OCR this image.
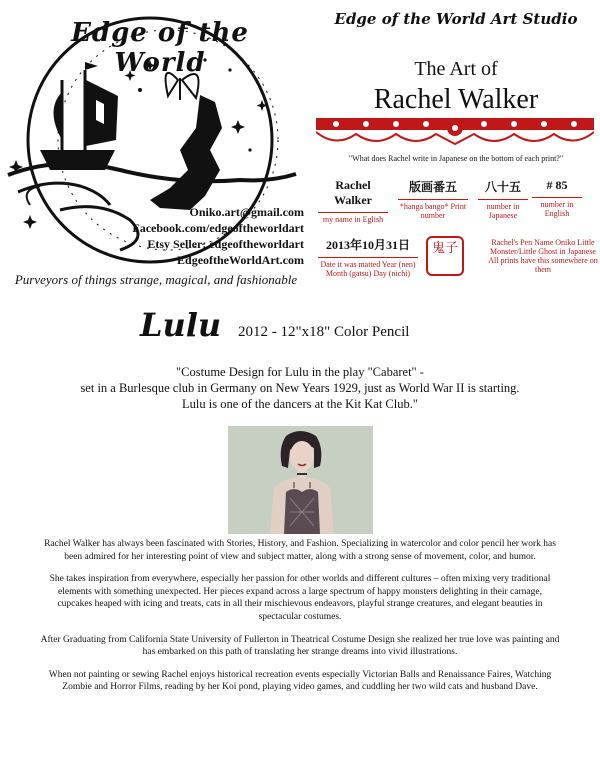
Edge of the World
Oniko.art@gmail.com
Facebook.com/edgeoftheworldart
Etsy Seller: edgeoftheworldart
EdgeoftheWorldArt.com
Purveyors of things strange, magical, and fashionable
Edge of the World Art Studio
The Art of
Rachel Walker
"What does Rachel write in Japanese on the bottom of each print?"
Rachel Walker
my name in Eglish
版画番五
*hanga bango* Print number
八十五
number in Japanese
# 85
number in English
2013年10月31日
Date it was matted Year (nen) Month (gatsu) Day (nichi)
鬼子	Rachel's Pen Name Oniko Little Monster/Little Ghost in Japanese All prints have this somewhere on them
Lulu 2012 - 12"x18" Color Pencil
"Costume Design for Lulu in the play "Cabaret" -
set in a Burlesque club in Germany on New Years 1929, just as World War II is starting.
Lulu is one of the dancers at the Kit Kat Club."

Rachel Walker has always been fascinated with Stories, History, and Fashion. Specializing in watercolor and color pencil her work has been admired for her interesting point of view and subject matter, along with a strong sense of movement, color, and humor.

She takes inspiration from everywhere, especially her passion for other worlds and different cultures – often mixing very traditional elements with something unexpected. Her pieces expand across a large spectrum of happy monsters delighting in their carnage, cupcakes heaped with icing and treats, cats in all their mischievous endeavors, playful strange creatures, and elegant beauties in spectacular costumes.

After Graduating from California State University of Fullerton in Theatrical Costume Design she realized her true love was painting and has embarked on this path of translating her strange dreams into vivid illustrations.

When not painting or sewing Rachel enjoys historical recreation events especially Victorian Balls and Renaissance Faires, Watching Zombie and Horror Films, reading by her Koi pond, playing video games, and cuddling her two wild cats and husband Dave.
